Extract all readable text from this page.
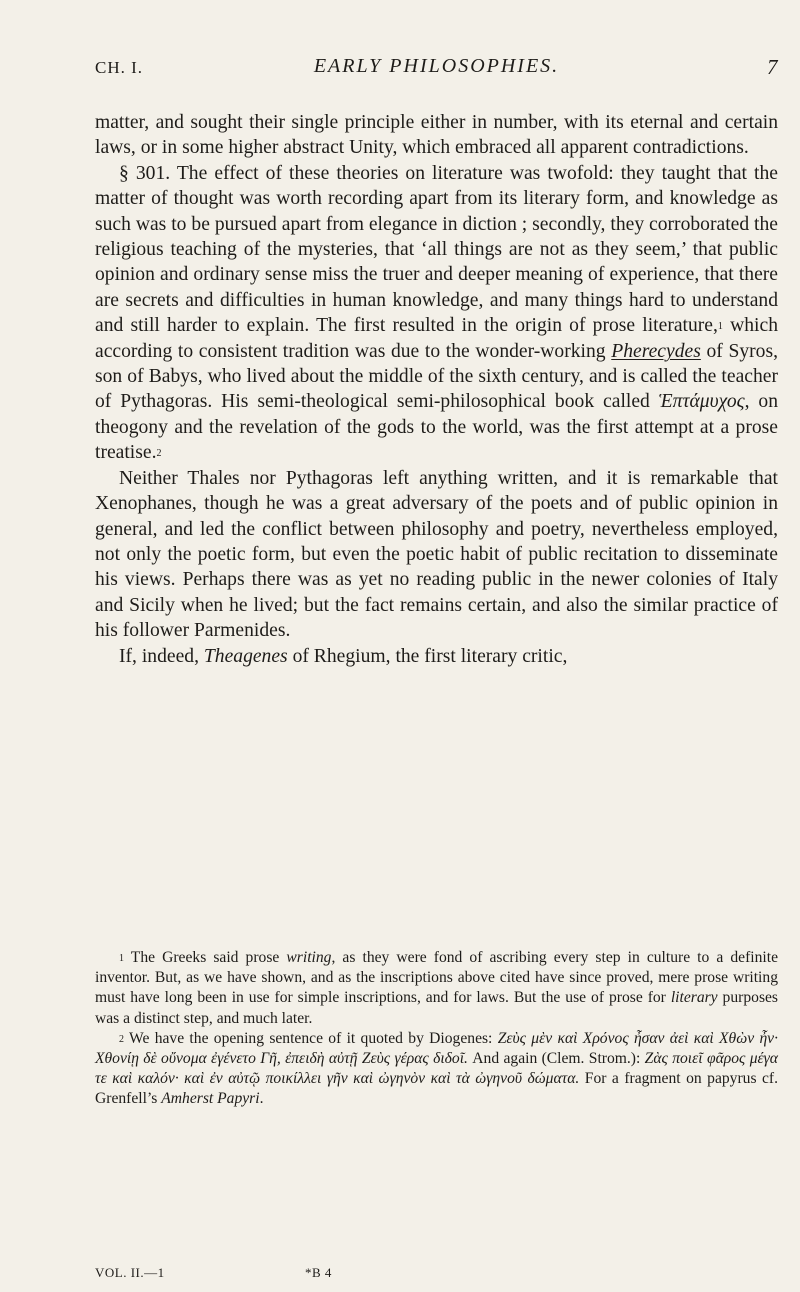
CH. I.	EARLY PHILOSOPHIES.	7

matter, and sought their single principle either in number, with its eternal and certain laws, or in some higher abstract Unity, which embraced all apparent contradictions.

§ 301. The effect of these theories on literature was twofold: they taught that the matter of thought was worth recording apart from its literary form, and knowledge as such was to be pursued apart from elegance in diction ; secondly, they corroborated the religious teaching of the mysteries, that ‘all things are not as they seem,’ that public opinion and ordinary sense miss the truer and deeper meaning of experience, that there are secrets and difficulties in human knowledge, and many things hard to understand and still harder to explain. The first resulted in the origin of prose literature,$^1$ which according to consistent tradition was due to the wonder-working Pherecydes of Syros, son of Babys, who lived about the middle of the sixth century, and is called the teacher of Pythagoras. His semi-theological semi-philosophical book called Ἑπτάμυχος, on theogony and the revelation of the gods to the world, was the first attempt at a prose treatise.$^2$

Neither Thales nor Pythagoras left anything written, and it is remarkable that Xenophanes, though he was a great adversary of the poets and of public opinion in general, and led the conflict between philosophy and poetry, nevertheless employed, not only the poetic form, but even the poetic habit of public recitation to disseminate his views. Perhaps there was as yet no reading public in the newer colonies of Italy and Sicily when he lived; but the fact remains certain, and also the similar practice of his follower Parmenides.

If, indeed, Theagenes of Rhegium, the first literary critic,

$^1$ The Greeks said prose writing, as they were fond of ascribing every step in culture to a definite inventor. But, as we have shown, and as the inscriptions above cited have since proved, mere prose writing must have long been in use for simple inscriptions, and for laws. But the use of prose for literary purposes was a distinct step, and much later.

$^2$ We have the opening sentence of it quoted by Diogenes: Ζεὺς μὲν καὶ Χρόνος ἦσαν ἀεὶ καὶ Χθὼν ἦν· Χθονίῃ δὲ οὔνομα ἐγένετο Γῆ, ἐπειδὴ αὐτῇ Ζεὺς γέρας διδοῖ. And again (Clem. Strom.): Ζὰς ποιεῖ φᾶρος μέγα τε καὶ καλόν· καὶ ἐν αὐτῷ ποικίλλει γῆν καὶ ὠγηνὸν καὶ τὰ ὠγηνοῦ δώματα. For a fragment on papyrus cf. Grenfell’s Amherst Papyri.

VOL. II.—1	*B 4
